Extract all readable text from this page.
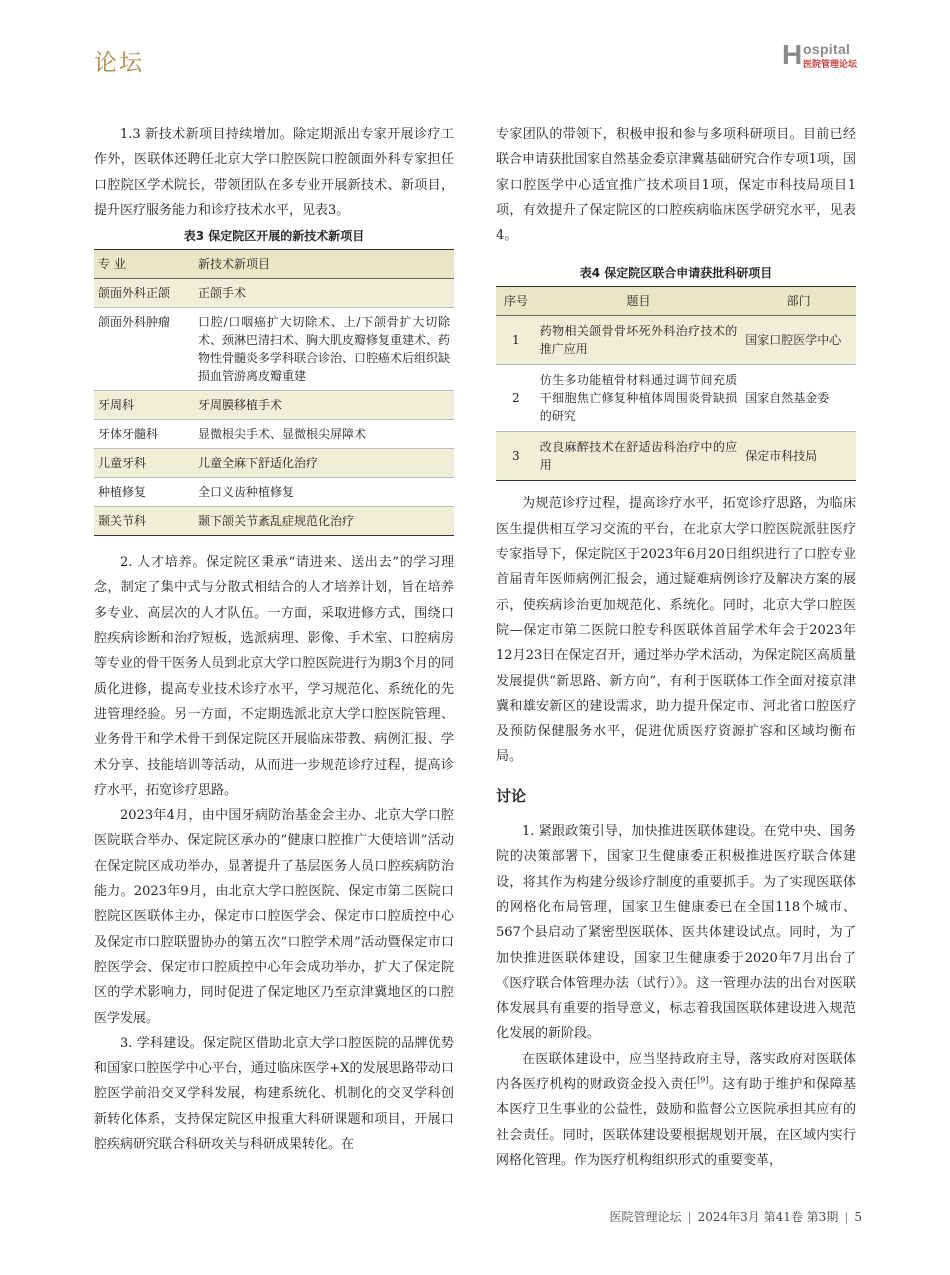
论坛	H ospital
医院管理论坛

1.3 新技术新项目持续增加。除定期派出专家开展诊疗工作外，医联体还聘任北京大学口腔医院口腔颌面外科专家担任口腔院区学术院长，带领团队在多专业开展新技术、新项目，提升医疗服务能力和诊疗技术水平，见表3。

表3 保定院区开展的新技术新项目
专 业	新技术新项目
颌面外科正颌	正颌手术
颌面外科肿瘤	口腔/口咽癌扩大切除术、上/下颌骨扩大切除术、颈淋巴清扫术、胸大肌皮瓣修复重建术、药物性骨髓炎多学科联合诊治、口腔癌术后组织缺损血管游离皮瓣重建
牙周科	牙周膜移植手术
牙体牙髓科	显微根尖手术、显微根尖屏障术
儿童牙科	儿童全麻下舒适化治疗
种植修复	全口义齿种植修复
颞关节科	颞下颌关节紊乱症规范化治疗

2. 人才培养。保定院区秉承“请进来、送出去”的学习理念，制定了集中式与分散式相结合的人才培养计划，旨在培养多专业、高层次的人才队伍。一方面，采取进修方式，围绕口腔疾病诊断和治疗短板，选派病理、影像、手术室、口腔病房等专业的骨干医务人员到北京大学口腔医院进行为期3个月的同质化进修，提高专业技术诊疗水平，学习规范化、系统化的先进管理经验。另一方面，不定期选派北京大学口腔医院管理、业务骨干和学术骨干到保定院区开展临床带教、病例汇报、学术分享、技能培训等活动，从而进一步规范诊疗过程，提高诊疗水平，拓宽诊疗思路。

2023年4月，由中国牙病防治基金会主办、北京大学口腔医院联合举办、保定院区承办的“健康口腔推广大使培训”活动在保定院区成功举办，显著提升了基层医务人员口腔疾病防治能力。2023年9月，由北京大学口腔医院、保定市第二医院口腔院区医联体主办，保定市口腔医学会、保定市口腔质控中心及保定市口腔联盟协办的第五次“口腔学术周”活动暨保定市口腔医学会、保定市口腔质控中心年会成功举办，扩大了保定院区的学术影响力，同时促进了保定地区乃至京津冀地区的口腔医学发展。

3. 学科建设。保定院区借助北京大学口腔医院的品牌优势和国家口腔医学中心平台，通过临床医学+X的发展思路带动口腔医学前沿交叉学科发展，构建系统化、机制化的交叉学科创新转化体系，支持保定院区申报重大科研课题和项目，开展口腔疾病研究联合科研攻关与科研成果转化。在

专家团队的带领下，积极申报和参与多项科研项目。目前已经联合申请获批国家自然基金委京津冀基础研究合作专项1项，国家口腔医学中心适宜推广技术项目1项，保定市科技局项目1项，有效提升了保定院区的口腔疾病临床医学研究水平，见表4。

表4 保定院区联合申请获批科研项目
序号	题目	部门
1	药物相关颌骨骨坏死外科治疗技术的推广应用	国家口腔医学中心
2	仿生多功能植骨材料通过调节间充质干细胞焦亡修复种植体周围炎骨缺损的研究	国家自然基金委
3	改良麻醉技术在舒适齿科治疗中的应用	保定市科技局

为规范诊疗过程，提高诊疗水平，拓宽诊疗思路，为临床医生提供相互学习交流的平台，在北京大学口腔医院派驻医疗专家指导下，保定院区于2023年6月20日组织进行了口腔专业首届青年医师病例汇报会，通过疑难病例诊疗及解决方案的展示，使疾病诊治更加规范化、系统化。同时，北京大学口腔医院—保定市第二医院口腔专科医联体首届学术年会于2023年12月23日在保定召开，通过举办学术活动，为保定院区高质量发展提供“新思路、新方向”，有利于医联体工作全面对接京津冀和雄安新区的建设需求，助力提升保定市、河北省口腔医疗及预防保健服务水平，促进优质医疗资源扩容和区域均衡布局。

讨论

1. 紧跟政策引导，加快推进医联体建设。在党中央、国务院的决策部署下，国家卫生健康委正积极推进医疗联合体建设，将其作为构建分级诊疗制度的重要抓手。为了实现医联体的网格化布局管理，国家卫生健康委已在全国118个城市、567个县启动了紧密型医联体、医共体建设试点。同时，为了加快推进医联体建设，国家卫生健康委于2020年7月出台了《医疗联合体管理办法（试行）》。这一管理办法的出台对医联体发展具有重要的指导意义，标志着我国医联体建设进入规范化发展的新阶段。

在医联体建设中，应当坚持政府主导，落实政府对医联体内各医疗机构的财政资金投入责任[9]。这有助于维护和保障基本医疗卫生事业的公益性，鼓励和监督公立医院承担其应有的社会责任。同时，医联体建设要根据规划开展，在区域内实行网格化管理。作为医疗机构组织形式的重要变革，

医院管理论坛 | 2024年3月 第41卷 第3期 | 5
